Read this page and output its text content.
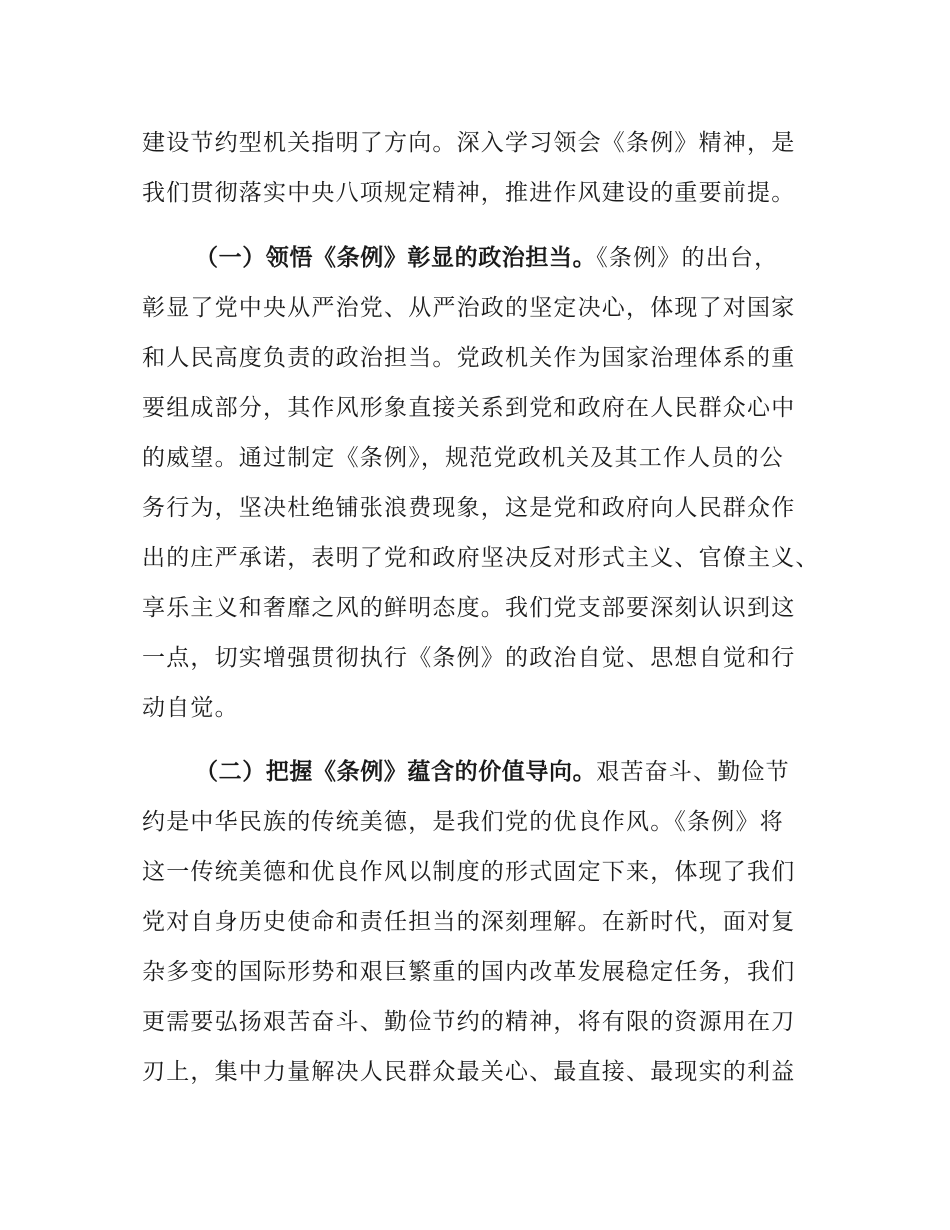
建设节约型机关指明了方向。深入学习领会《条例》精神，是
我们贯彻落实中央八项规定精神，推进作风建设的重要前提。
（一）领悟《条例》彰显的政治担当。《条例》的出台，
彰显了党中央从严治党、从严治政的坚定决心，体现了对国家
和人民高度负责的政治担当。党政机关作为国家治理体系的重
要组成部分，其作风形象直接关系到党和政府在人民群众心中
的威望。通过制定《条例》，规范党政机关及其工作人员的公
务行为，坚决杜绝铺张浪费现象，这是党和政府向人民群众作
出的庄严承诺，表明了党和政府坚决反对形式主义、官僚主义、
享乐主义和奢靡之风的鲜明态度。我们党支部要深刻认识到这
一点，切实增强贯彻执行《条例》的政治自觉、思想自觉和行
动自觉。
（二）把握《条例》蕴含的价值导向。艰苦奋斗、勤俭节
约是中华民族的传统美德，是我们党的优良作风。《条例》将
这一传统美德和优良作风以制度的形式固定下来，体现了我们
党对自身历史使命和责任担当的深刻理解。在新时代，面对复
杂多变的国际形势和艰巨繁重的国内改革发展稳定任务，我们
更需要弘扬艰苦奋斗、勤俭节约的精神，将有限的资源用在刀
刃上，集中力量解决人民群众最关心、最直接、最现实的利益
